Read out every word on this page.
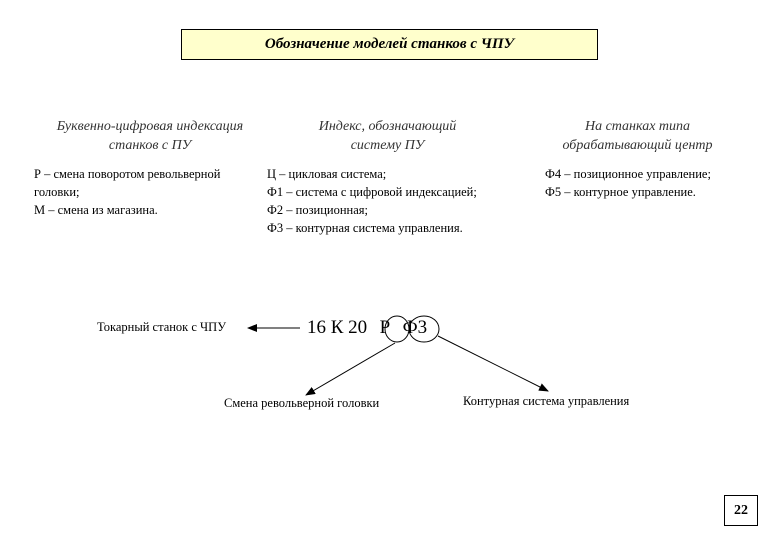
Обозначение моделей станков с ЧПУ
Буквенно-цифровая индексация
станков с ПУ
Р – смена поворотом револьверной
головки;
М – смена из магазина.
Индекс, обозначающий
систему ПУ
Ц – цикловая система;
Ф1 – система с цифровой индексацией;
Ф2 – позиционная;
Ф3 – контурная система управления.
На станках типа
обрабатывающий центр
Ф4 – позиционное управление;
Ф5 – контурное управление.
Токарный станок с ЧПУ	16 К 20 Р Ф3
Смена револьверной головки	Контурная система управления
22
